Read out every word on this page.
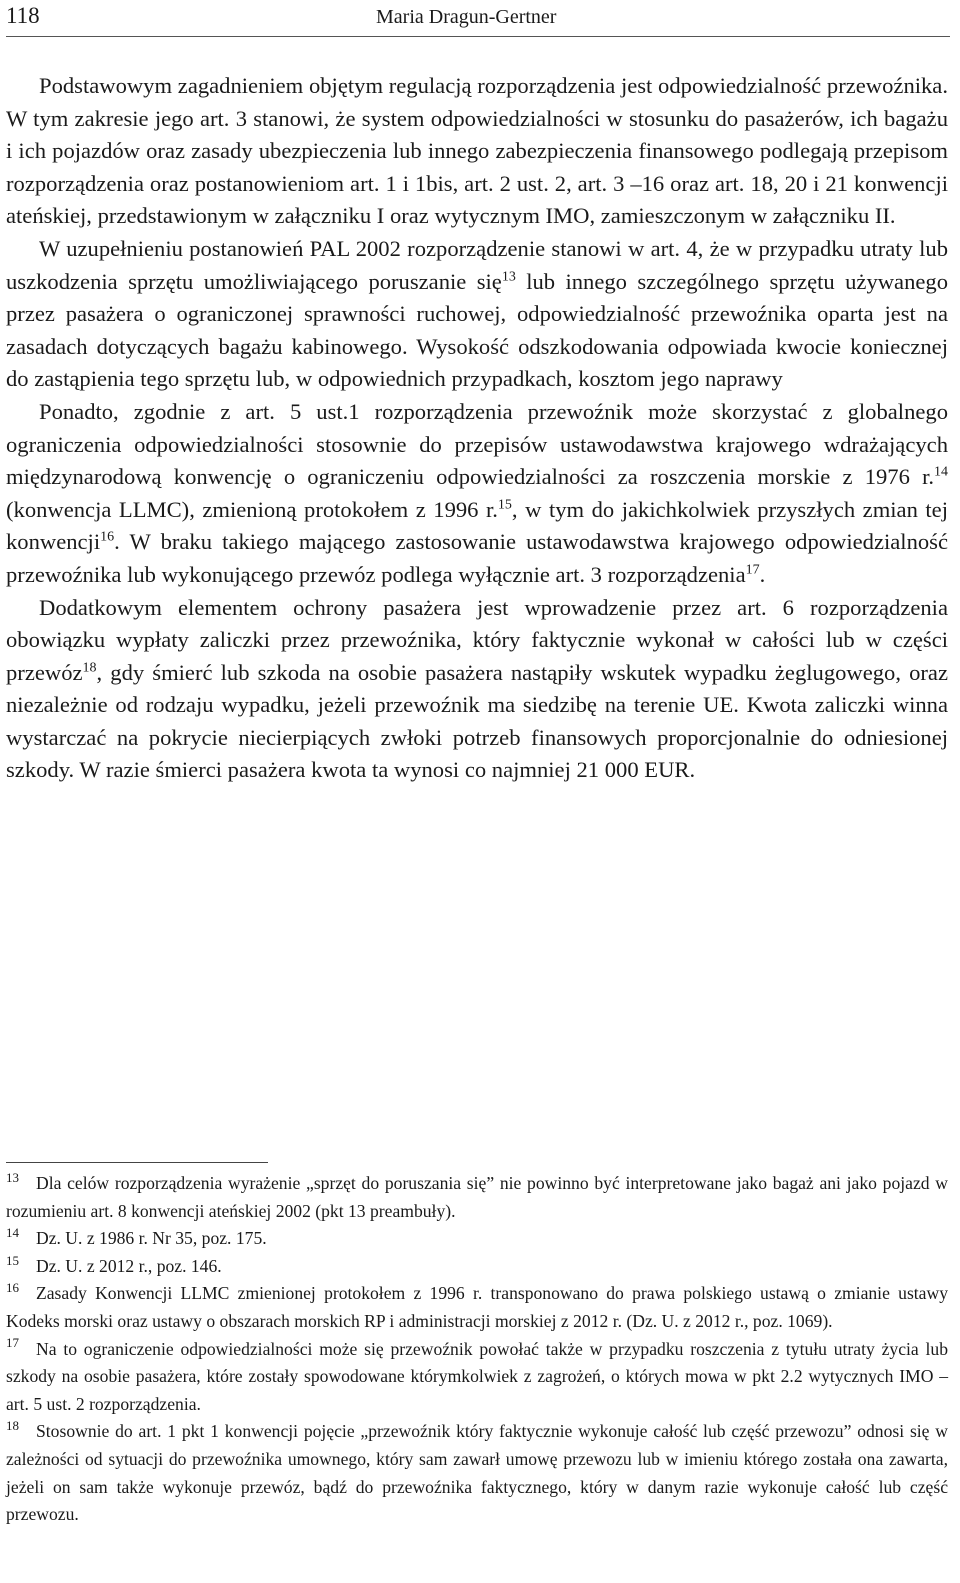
118	Maria Dragun-Gertner

Podstawowym zagadnieniem objętym regulacją rozporządzenia jest odpowiedzialność przewoźnika. W tym zakresie jego art. 3 stanowi, że system odpowiedzialności w stosunku do pasażerów, ich bagażu i ich pojazdów oraz zasady ubezpieczenia lub innego zabezpieczenia finansowego podlegają przepisom rozporządzenia oraz postanowieniom art. 1 i 1bis, art. 2 ust. 2, art. 3 –16 oraz art. 18, 20 i 21 konwencji ateńskiej, przedstawionym w załączniku I oraz wytycznym IMO, zamieszczonym w załączniku II.

W uzupełnieniu postanowień PAL 2002 rozporządzenie stanowi w art. 4, że w przypadku utraty lub uszkodzenia sprzętu umożliwiającego poruszanie się$^{13}$ lub innego szczególnego sprzętu używanego przez pasażera o ograniczonej sprawności ruchowej, odpowiedzialność przewoźnika oparta jest na zasadach dotyczących bagażu kabinowego. Wysokość odszkodowania odpowiada kwocie koniecznej do zastąpienia tego sprzętu lub, w odpowiednich przypadkach, kosztom jego naprawy

Ponadto, zgodnie z art. 5 ust.1 rozporządzenia przewoźnik może skorzystać z globalnego ograniczenia odpowiedzialności stosownie do przepisów ustawodawstwa krajowego wdrażających międzynarodową konwencję o ograniczeniu odpowiedzialności za roszczenia morskie z 1976 r.$^{14}$ (konwencja LLMC), zmienioną protokołem z 1996 r.$^{15}$, w tym do jakichkolwiek przyszłych zmian tej konwencji$^{16}$. W braku takiego mającego zastosowanie ustawodawstwa krajowego odpowiedzialność przewoźnika lub wykonującego przewóz podlega wyłącznie art. 3 rozporządzenia$^{17}$.

Dodatkowym elementem ochrony pasażera jest wprowadzenie przez art. 6 rozporządzenia obowiązku wypłaty zaliczki przez przewoźnika, który faktycznie wykonał w całości lub w części przewóz$^{18}$, gdy śmierć lub szkoda na osobie pasażera nastąpiły wskutek wypadku żeglugowego, oraz niezależnie od rodzaju wypadku, jeżeli przewoźnik ma siedzibę na terenie UE. Kwota zaliczki winna wystarczać na pokrycie niecierpiących zwłoki potrzeb finansowych proporcjonalnie do odniesionej szkody. W razie śmierci pasażera kwota ta wynosi co najmniej 21 000 EUR.

13 Dla celów rozporządzenia wyrażenie „sprzęt do poruszania się” nie powinno być interpretowane jako bagaż ani jako pojazd w rozumieniu art. 8 konwencji ateńskiej 2002 (pkt 13 preambuły).

14 Dz. U. z 1986 r. Nr 35, poz. 175.

15 Dz. U. z 2012 r., poz. 146.

16 Zasady Konwencji LLMC zmienionej protokołem z 1996 r. transponowano do prawa polskiego ustawą o zmianie ustawy Kodeks morski oraz ustawy o obszarach morskich RP i administracji morskiej z 2012 r. (Dz. U. z 2012 r., poz. 1069).

17 Na to ograniczenie odpowiedzialności może się przewoźnik powołać także w przypadku roszczenia z tytułu utraty życia lub szkody na osobie pasażera, które zostały spowodowane którymkolwiek z zagrożeń, o których mowa w pkt 2.2 wytycznych IMO – art. 5 ust. 2 rozporządzenia.

18 Stosownie do art. 1 pkt 1 konwencji pojęcie „przewoźnik który faktycznie wykonuje całość lub część przewozu” odnosi się w zależności od sytuacji do przewoźnika umownego, który sam zawarł umowę przewozu lub w imieniu którego została ona zawarta, jeżeli on sam także wykonuje przewóz, bądź do przewoźnika faktycznego, który w danym razie wykonuje całość lub część przewozu.
